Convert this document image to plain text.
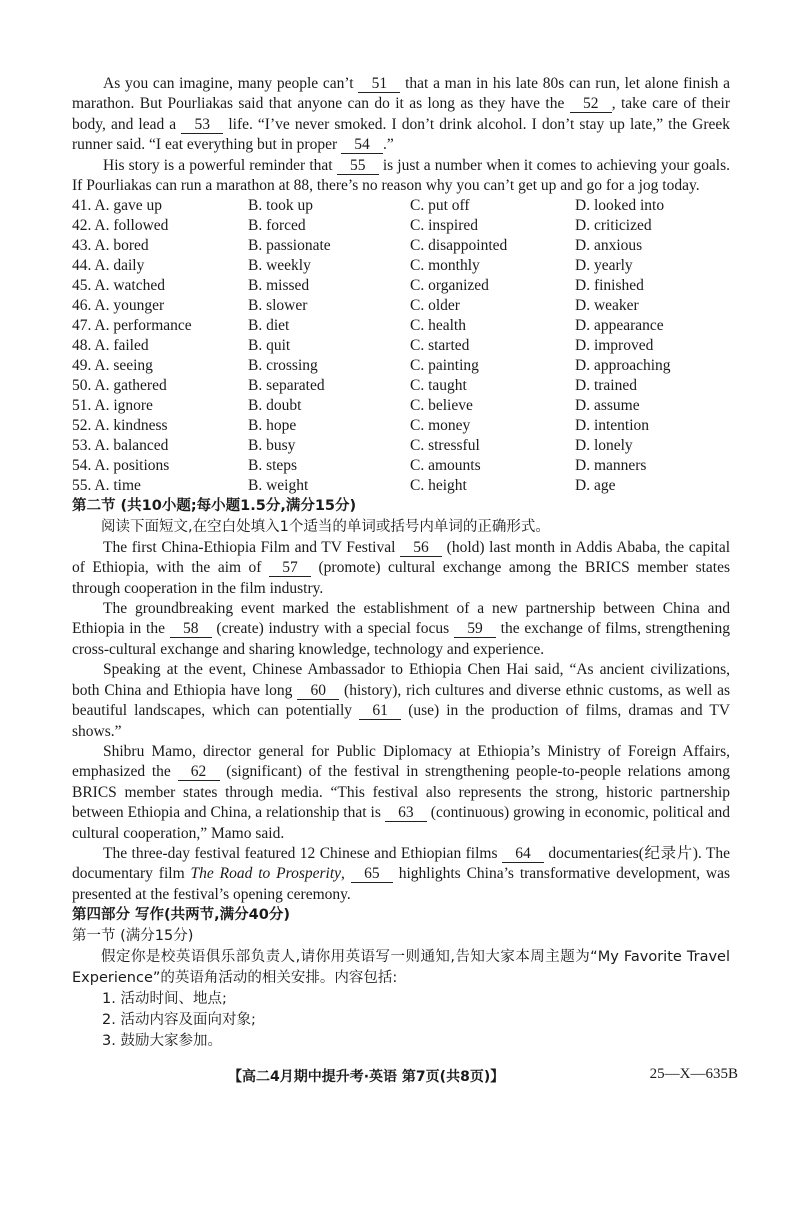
As you can imagine, many people can’t 51 that a man in his late 80s can run, let alone finish a marathon. But Pourliakas said that anyone can do it as long as they have the 52 , take care of their body, and lead a 53 life. “I’ve never smoked. I don’t drink alcohol. I don’t stay up late,” the Greek runner said. “I eat everything but in proper 54 .”

His story is a powerful reminder that 55 is just a number when it comes to achieving your goals. If Pourliakas can run a marathon at 88, there’s no reason why you can’t get up and go for a jog today.

41. A. gave up	B. took up	C. put off	D. looked into
42. A. followed	B. forced	C. inspired	D. criticized
43. A. bored	B. passionate	C. disappointed	D. anxious
44. A. daily	B. weekly	C. monthly	D. yearly
45. A. watched	B. missed	C. organized	D. finished
46. A. younger	B. slower	C. older	D. weaker
47. A. performance	B. diet	C. health	D. appearance
48. A. failed	B. quit	C. started	D. improved
49. A. seeing	B. crossing	C. painting	D. approaching
50. A. gathered	B. separated	C. taught	D. trained
51. A. ignore	B. doubt	C. believe	D. assume
52. A. kindness	B. hope	C. money	D. intention
53. A. balanced	B. busy	C. stressful	D. lonely
54. A. positions	B. steps	C. amounts	D. manners
55. A. time	B. weight	C. height	D. age

第二节 (共10小题;每小题1.5分,满分15分)

阅读下面短文,在空白处填入1个适当的单词或括号内单词的正确形式。

The first China-Ethiopia Film and TV Festival 56 (hold) last month in Addis Ababa, the capital of Ethiopia, with the aim of 57 (promote) cultural exchange among the BRICS member states through cooperation in the film industry.

The groundbreaking event marked the establishment of a new partnership between China and Ethiopia in the 58 (create) industry with a special focus 59 the exchange of films, strengthening cross-cultural exchange and sharing knowledge, technology and experience.

Speaking at the event, Chinese Ambassador to Ethiopia Chen Hai said, “As ancient civilizations, both China and Ethiopia have long 60 (history), rich cultures and diverse ethnic customs, as well as beautiful landscapes, which can potentially 61 (use) in the production of films, dramas and TV shows.”

Shibru Mamo, director general for Public Diplomacy at Ethiopia’s Ministry of Foreign Affairs, emphasized the 62 (significant) of the festival in strengthening people-to-people relations among BRICS member states through media. “This festival also represents the strong, historic partnership between Ethiopia and China, a relationship that is 63 (continuous) growing in economic, political and cultural cooperation,” Mamo said.

The three-day festival featured 12 Chinese and Ethiopian films 64 documentaries(纪录片). The documentary film The Road to Prosperity, 65 highlights China’s transformative development, was presented at the festival’s opening ceremony.

第四部分 写作(共两节,满分40分)

第一节 (满分15分)

假定你是校英语俱乐部负责人,请你用英语写一则通知,告知大家本周主题为“My Favorite Travel Experience”的英语角活动的相关安排。内容包括:

1. 活动时间、地点;

2. 活动内容及面向对象;

3. 鼓励大家参加。

【高二4月期中提升考·英语 第7页(共8页)】	25—X—635B
